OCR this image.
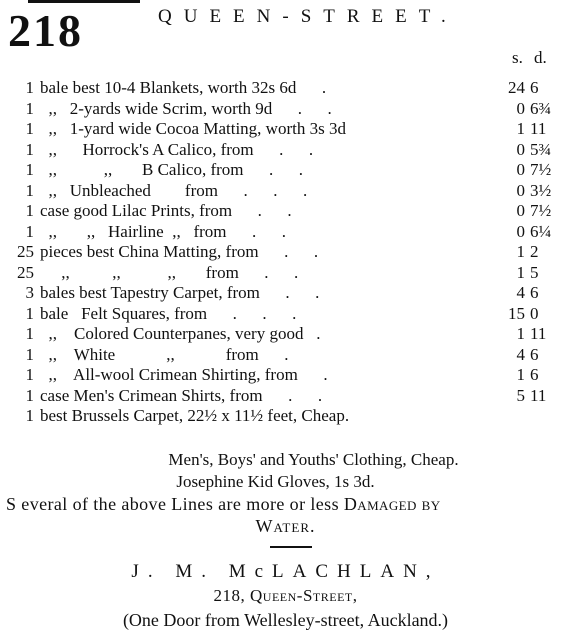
218	QUEEN-STREET.
s. d.
1 bale best 10-4 Blankets, worth 32s 6d      .	24 6
1 ,,   2-yards wide Scrim, worth 9d      .      .	0 6¾
1 ,,   1-yard wide Cocoa Matting, worth 3s 3d	1 11
1 ,,      Horrock's A Calico, from      .      .	0 5¾
1 ,,           ,,       B Calico, from      .      .	0 7½
1 ,,   Unbleached        from      .      .      .	0 3½
1 case good Lilac Prints, from      .      .	0 7½
1 ,,       ,,   Hairline  ,,   from      .      .	0 6¼
25 pieces best China Matting, from      .      .	1 2
25 ,,          ,,           ,,       from      .      .	1 5
3 bales best Tapestry Carpet, from      .      .	4 6
1 bale   Felt Squares, from      .      .      .	15 0
1 ,,    Colored Counterpanes, very good   .	1 11
1 ,,    White            ,,            from      .	4 6
1 ,,    All-wool Crimean Shirting, from      .	1 6
1 case Men's Crimean Shirts, from      .      .	5 11
1 best Brussels Carpet, 22½ x 11½ feet, Cheap.
Men's, Boys' and Youths' Clothing, Cheap.
Josephine Kid Gloves, 1s 3d.
S everal of the above Lines are more or less Damaged by
Water.
J. M. McLACHLAN,
218, Queen-Street,
(One Door from Wellesley-street, Auckland.)
